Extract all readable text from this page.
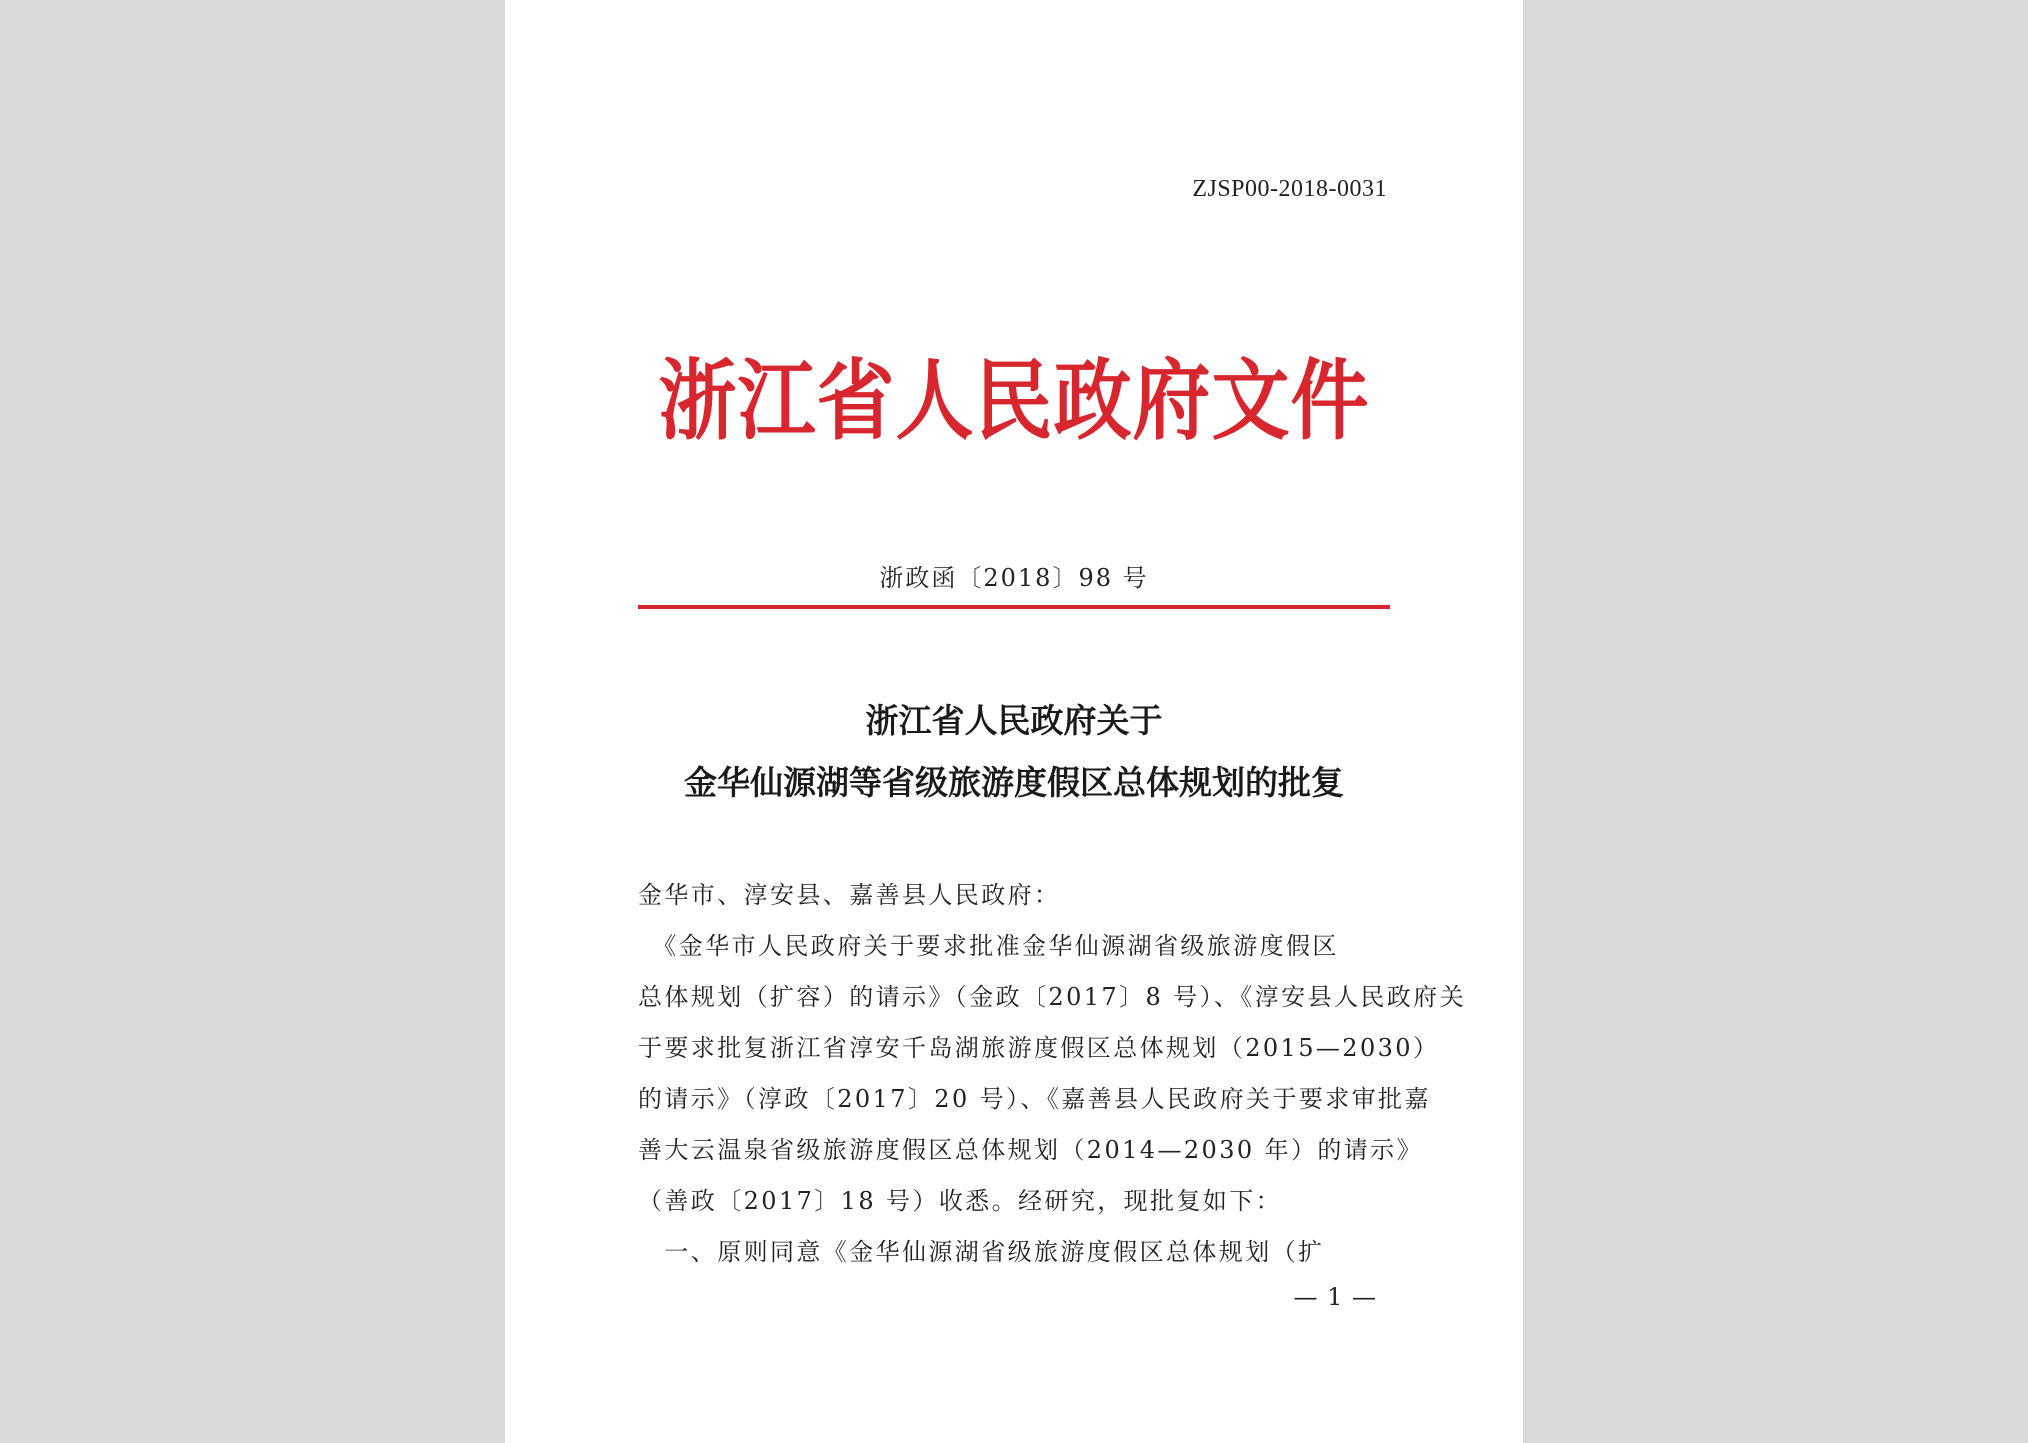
ZJSP00-2018-0031
浙江省人民政府文件
浙政函〔2018〕98 号
浙江省人民政府关于
金华仙源湖等省级旅游度假区总体规划的批复
金华市、淳安县、嘉善县人民政府：
　《金华市人民政府关于要求批准金华仙源湖省级旅游度假区
总体规划（扩容）的请示》（金政〔2017〕8 号）、《淳安县人民政府关
于要求批复浙江省淳安千岛湖旅游度假区总体规划（2015—2030）
的请示》（淳政〔2017〕20 号）、《嘉善县人民政府关于要求审批嘉
善大云温泉省级旅游度假区总体规划（2014—2030 年）的请示》
（善政〔2017〕18 号）收悉。经研究，现批复如下：
　一、原则同意《金华仙源湖省级旅游度假区总体规划（扩
— 1 —
